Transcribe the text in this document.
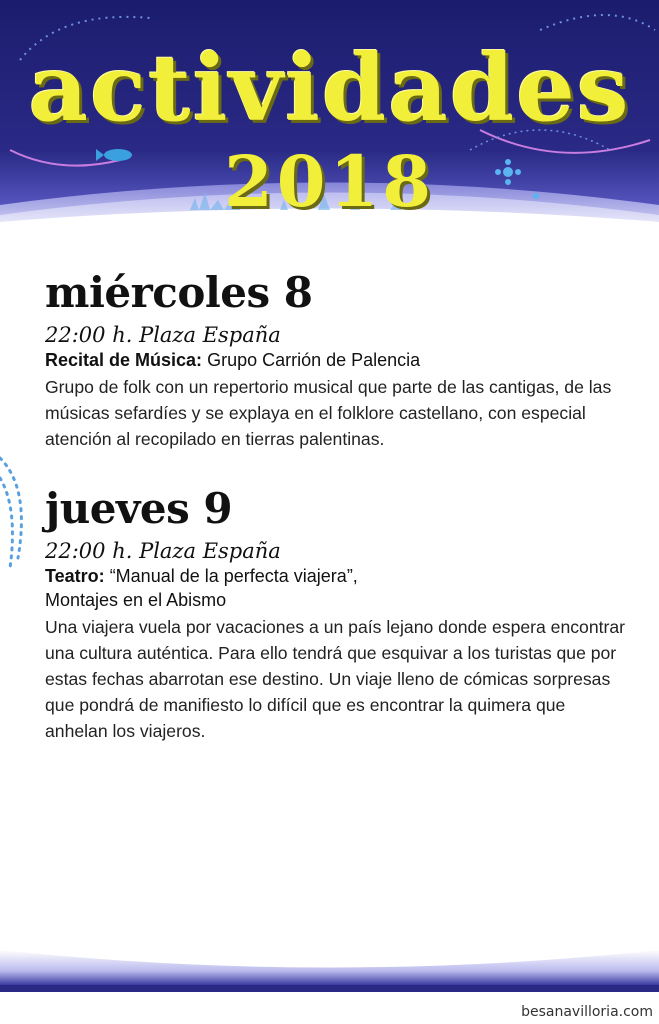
actividades
2018
miércoles 8
22:00 h. Plaza España
Recital de Música: Grupo Carrión de Palencia
Grupo de folk con un repertorio musical que parte de las cantigas, de las músicas sefardíes y se explaya en el folklore castellano, con especial atención al recopilado en tierras palentinas.
jueves 9
22:00 h. Plaza España
Teatro: “Manual de la perfecta viajera”,
Montajes en el Abismo
Una viajera vuela por vacaciones a un país lejano donde espera encontrar una cultura auténtica. Para ello tendrá que esquivar a los turistas que por estas fechas abarrotan ese destino. Un viaje lleno de cómicas sorpresas que pondrá de manifiesto lo difícil que es encontrar la quimera que anhelan los viajeros.
besanavilloria.com
